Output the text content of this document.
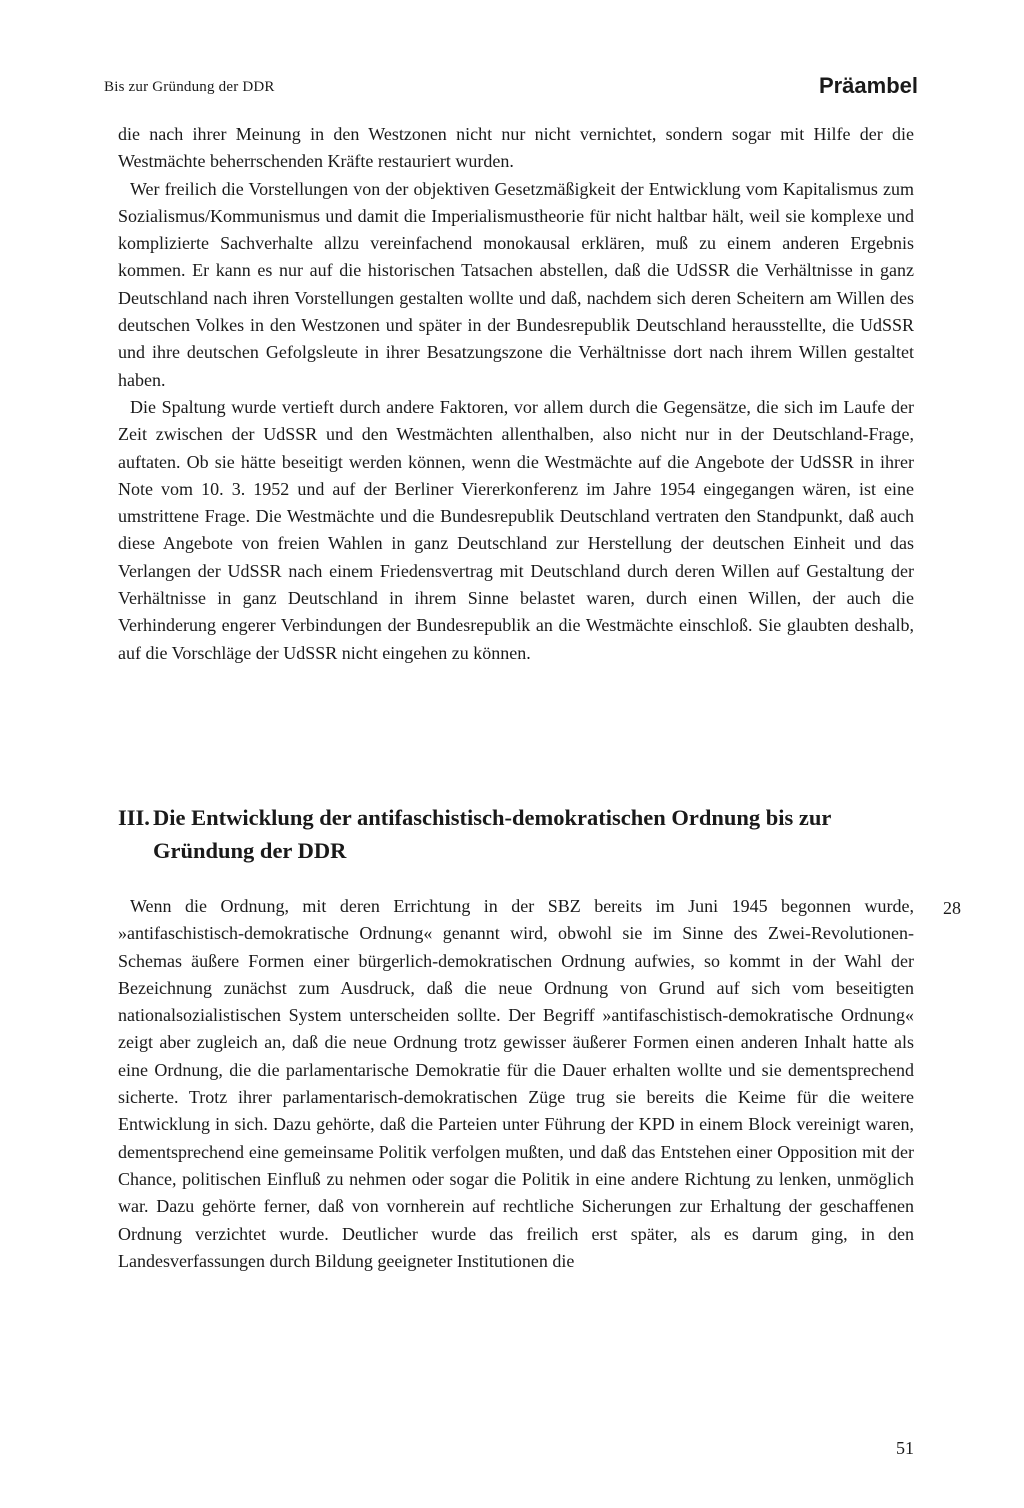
Bis zur Gründung der DDR	Präambel

die nach ihrer Meinung in den Westzonen nicht nur nicht vernichtet, sondern sogar mit Hilfe der die Westmächte beherrschenden Kräfte restauriert wurden.

Wer freilich die Vorstellungen von der objektiven Gesetzmäßigkeit der Entwicklung vom Kapitalismus zum Sozialismus/Kommunismus und damit die Imperialismustheorie für nicht haltbar hält, weil sie komplexe und komplizierte Sachverhalte allzu vereinfachend monokausal erklären, muß zu einem anderen Ergebnis kommen. Er kann es nur auf die historischen Tatsachen abstellen, daß die UdSSR die Verhältnisse in ganz Deutschland nach ihren Vorstellungen gestalten wollte und daß, nachdem sich deren Scheitern am Willen des deutschen Volkes in den Westzonen und später in der Bundesrepublik Deutschland herausstellte, die UdSSR und ihre deutschen Gefolgsleute in ihrer Besatzungszone die Verhältnisse dort nach ihrem Willen gestaltet haben.

Die Spaltung wurde vertieft durch andere Faktoren, vor allem durch die Gegensätze, die sich im Laufe der Zeit zwischen der UdSSR und den Westmächten allenthalben, also nicht nur in der Deutschland-Frage, auftaten. Ob sie hätte beseitigt werden können, wenn die Westmächte auf die Angebote der UdSSR in ihrer Note vom 10. 3. 1952 und auf der Berliner Viererkonferenz im Jahre 1954 eingegangen wären, ist eine umstrittene Frage. Die Westmächte und die Bundesrepublik Deutschland vertraten den Standpunkt, daß auch diese Angebote von freien Wahlen in ganz Deutschland zur Herstellung der deutschen Einheit und das Verlangen der UdSSR nach einem Friedensvertrag mit Deutschland durch deren Willen auf Gestaltung der Verhältnisse in ganz Deutschland in ihrem Sinne belastet waren, durch einen Willen, der auch die Verhinderung engerer Verbindungen der Bundesrepublik an die Westmächte einschloß. Sie glaubten deshalb, auf die Vorschläge der UdSSR nicht eingehen zu können.

III. Die Entwicklung der antifaschistisch-demokratischen Ordnung bis zur Gründung der DDR
28

Wenn die Ordnung, mit deren Errichtung in der SBZ bereits im Juni 1945 begonnen wurde, »antifaschistisch-demokratische Ordnung« genannt wird, obwohl sie im Sinne des Zwei-Revolutionen-Schemas äußere Formen einer bürgerlich-demokratischen Ordnung aufwies, so kommt in der Wahl der Bezeichnung zunächst zum Ausdruck, daß die neue Ordnung von Grund auf sich vom beseitigten nationalsozialistischen System unterscheiden sollte. Der Begriff »antifaschistisch-demokratische Ordnung« zeigt aber zugleich an, daß die neue Ordnung trotz gewisser äußerer Formen einen anderen Inhalt hatte als eine Ordnung, die die parlamentarische Demokratie für die Dauer erhalten wollte und sie dementsprechend sicherte. Trotz ihrer parlamentarisch-demokratischen Züge trug sie bereits die Keime für die weitere Entwicklung in sich. Dazu gehörte, daß die Parteien unter Führung der KPD in einem Block vereinigt waren, dementsprechend eine gemeinsame Politik verfolgen mußten, und daß das Entstehen einer Opposition mit der Chance, politischen Einfluß zu nehmen oder sogar die Politik in eine andere Richtung zu lenken, unmöglich war. Dazu gehörte ferner, daß von vornherein auf rechtliche Sicherungen zur Erhaltung der geschaffenen Ordnung verzichtet wurde. Deutlicher wurde das freilich erst später, als es darum ging, in den Landesverfassungen durch Bildung geeigneter Institutionen die

51
